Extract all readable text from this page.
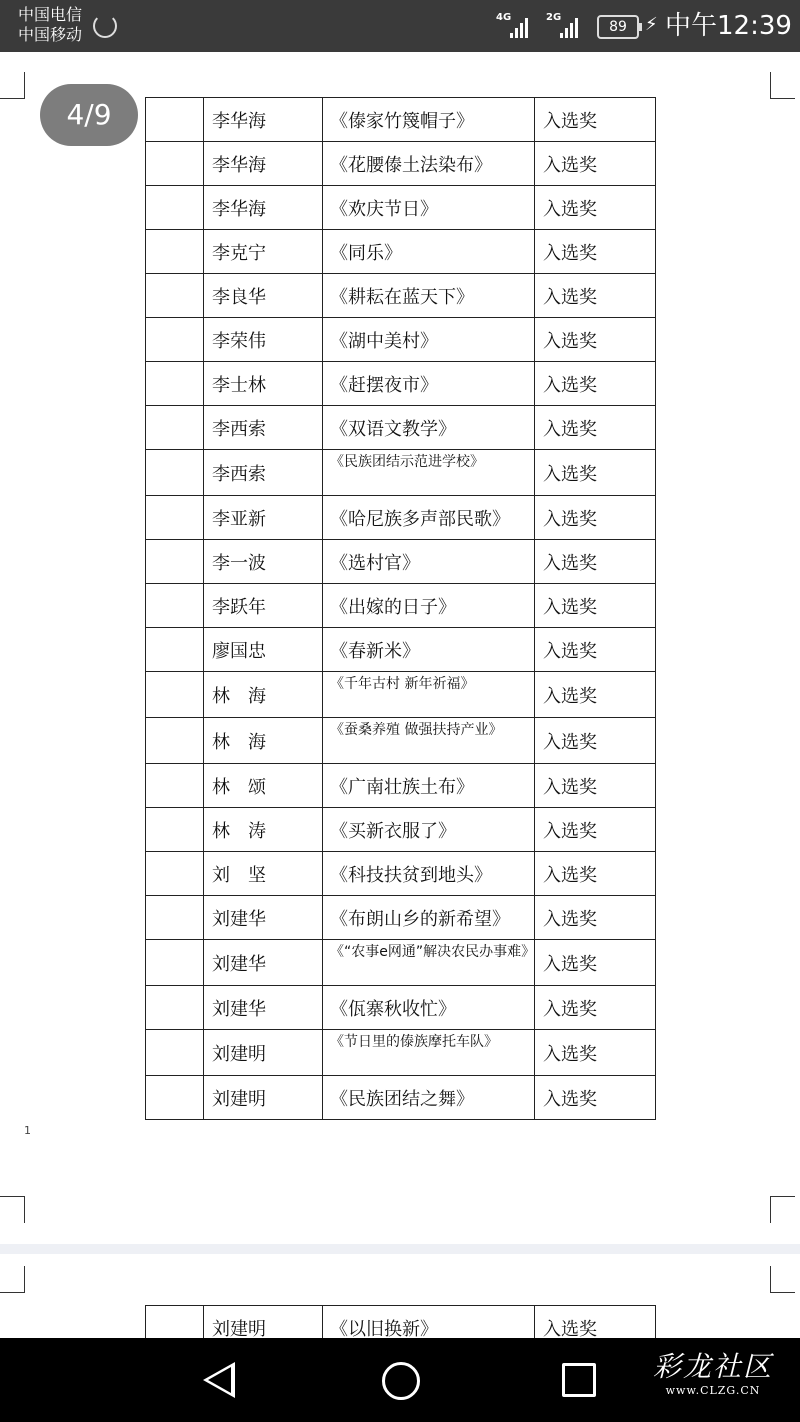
中国电信
中国移动
4G	2G
89	⚡ 中午12:39
4/9
		李华海	《傣家竹篾帽子》	入选奖
	李华海	《花腰傣土法染布》	入选奖
	李华海	《欢庆节日》	入选奖
	李克宁	《同乐》	入选奖
	李良华	《耕耘在蓝天下》	入选奖
	李荣伟	《湖中美村》	入选奖
	李士林	《赶摆夜市》	入选奖
	李西索	《双语文教学》	入选奖
	李西索	《民族团结示范进学校》	入选奖
	李亚新	《哈尼族多声部民歌》	入选奖
	李一波	《选村官》	入选奖
	李跃年	《出嫁的日子》	入选奖
	廖国忠	《春新米》	入选奖
	林　海	《千年古村 新年祈福》	入选奖
	林　海	《蚕桑养殖 做强扶持产业》	入选奖
	林　颂	《广南壮族土布》	入选奖
	林　涛	《买新衣服了》	入选奖
	刘　坚	《科技扶贫到地头》	入选奖
	刘建华	《布朗山乡的新希望》	入选奖
	刘建华	《“农事e网通”解决农民办事难》	入选奖
	刘建华	《佤寨秋收忙》	入选奖
	刘建明	《节日里的傣族摩托车队》	入选奖
	刘建明	《民族团结之舞》	入选奖
1
	刘建明	《以旧换新》	入选奖
彩龙社区
www.CLZG.CN
